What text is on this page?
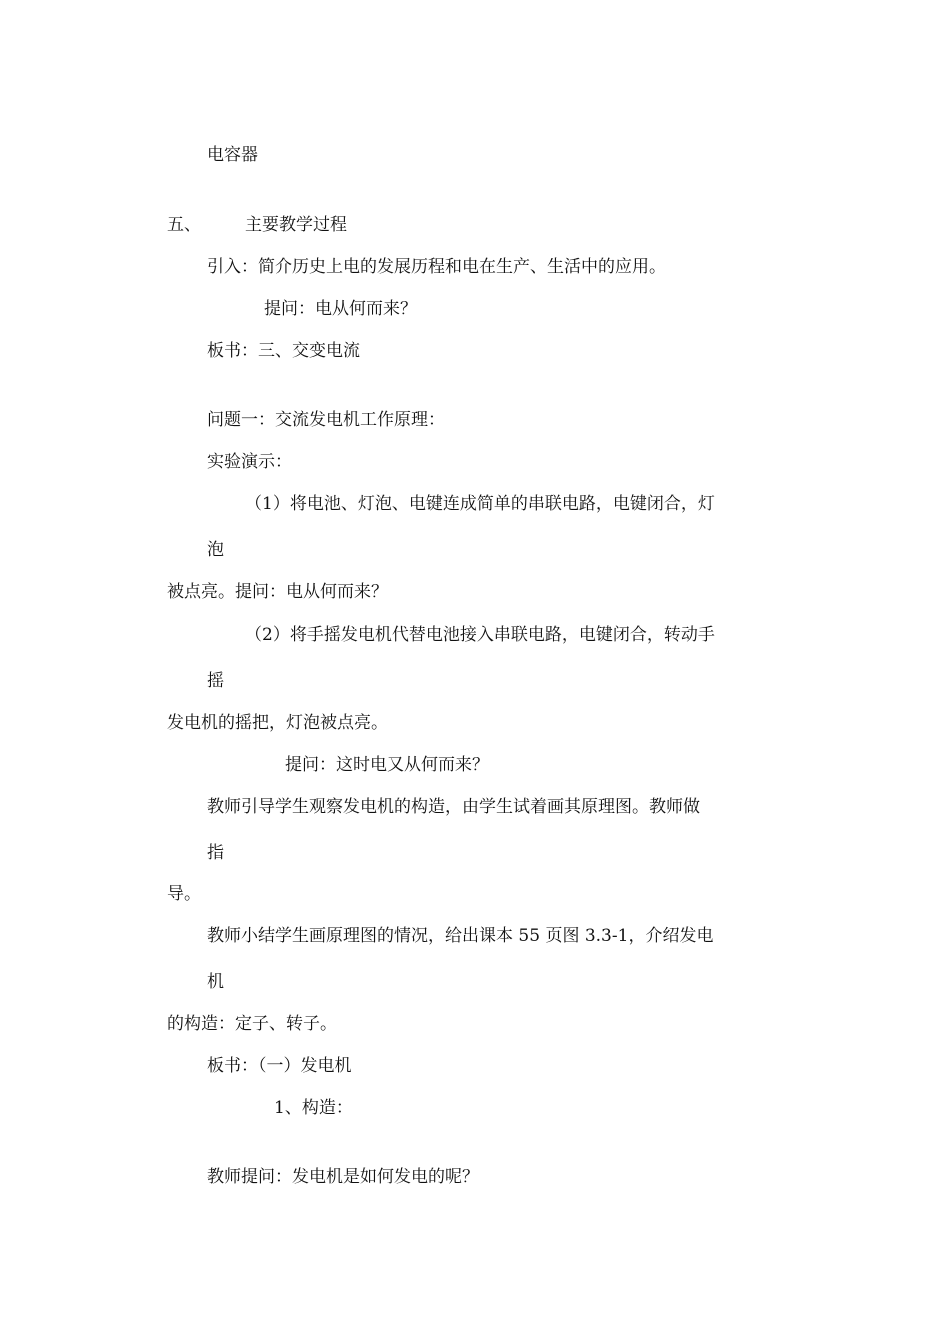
电容器
五、	主要教学过程
引入：简介历史上电的发展历程和电在生产、生活中的应用。
提问：电从何而来？
板书：三、交变电流
问题一：交流发电机工作原理：
实验演示：
（1）将电池、灯泡、电键连成简单的串联电路，电键闭合，灯
泡
被点亮。提问：电从何而来？
（2）将手摇发电机代替电池接入串联电路，电键闭合，转动手
摇
发电机的摇把，灯泡被点亮。
提问：这时电又从何而来？
教师引导学生观察发电机的构造，由学生试着画其原理图。教师做
指
导。
教师小结学生画原理图的情况，给出课本 55 页图 3.3-1，介绍发电
机
的构造：定子、转子。
板书：（一）发电机
1、构造：
教师提问：发电机是如何发电的呢？
